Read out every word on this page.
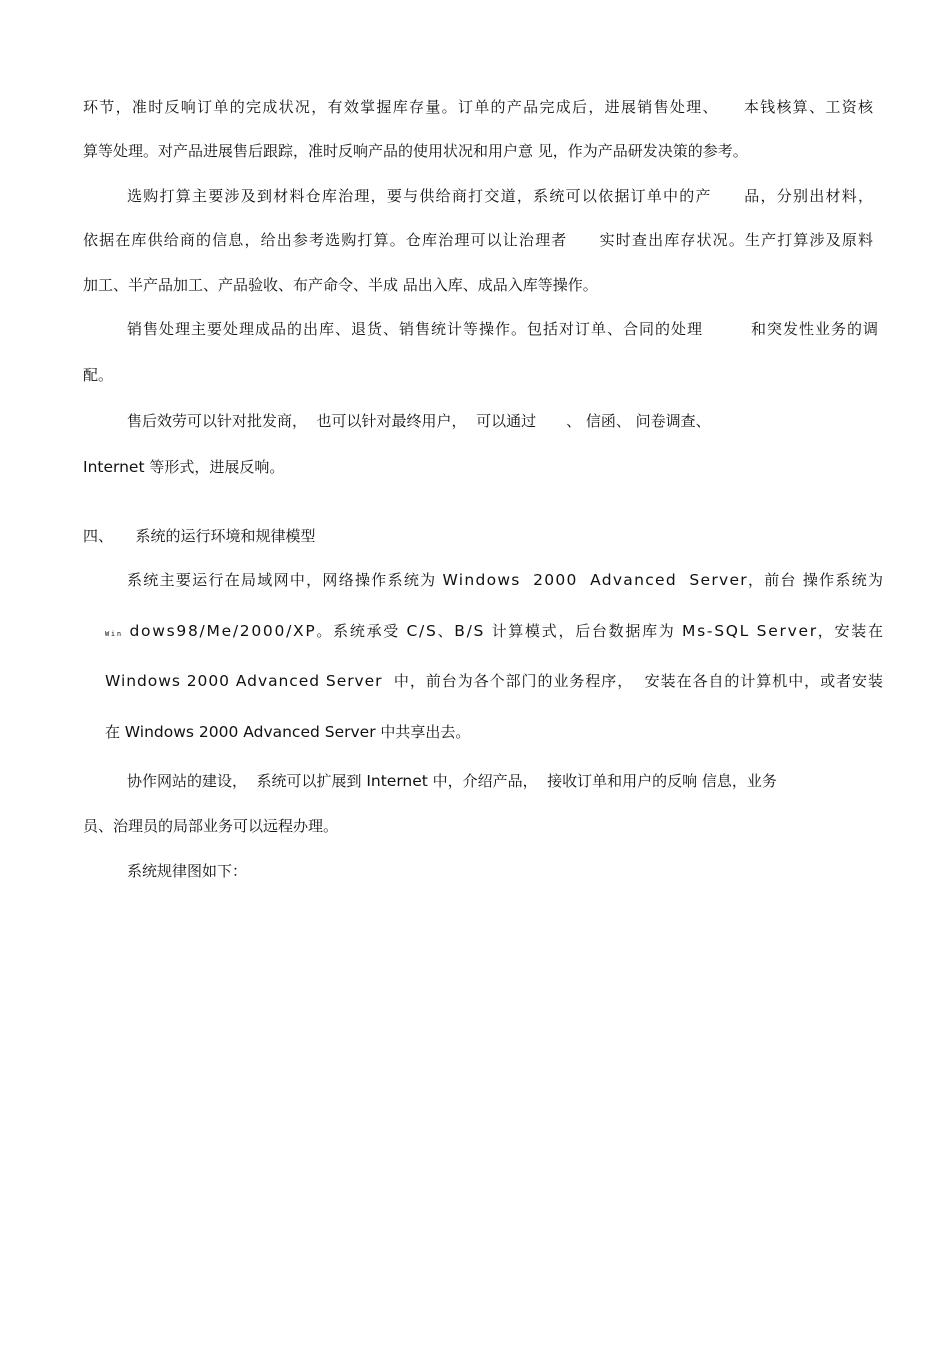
环节，准时反响订单的完成状况，有效掌握库存量。订单的产品完成后，进展销售处理、　　本钱核算、工资核
算等处理。对产品进展售后跟踪，准时反响产品的使用状况和用户意 见，作为产品研发决策的参考。
选购打算主要涉及到材料仓库治理，要与供给商打交道，系统可以依据订单中的产　　品，分别出材料，
依据在库供给商的信息，给出参考选购打算。仓库治理可以让治理者　　实时查出库存状况。生产打算涉及原料
加工、半产品加工、产品验收、布产命令、半成 品出入库、成品入库等操作。
销售处理主要处理成品的出库、退货、销售统计等操作。包括对订单、合同的处理　　　和突发性业务的调
配。
售后效劳可以针对批发商，  也可以针对最终用户，  可以通过　　、 信函、 问卷调查、
Internet 等形式，进展反响。
四、　　系统的运行环境和规律模型
系统主要运行在局域网中，网络操作系统为 Windows  2000  Advanced  Server，前台 操作系统为
Win dows98/Me/2000/XP。系统承受 C/S、B/S 计算模式，后台数据库为 Ms-SQL Server，安装在
Windows 2000 Advanced Server  中，前台为各个部门的业务程序，  安装在各自的计算机中，或者安装
在 Windows 2000 Advanced Server 中共享出去。
协作网站的建设，  系统可以扩展到 Internet 中，介绍产品，  接收订单和用户的反响 信息，业务
员、治理员的局部业务可以远程办理。
系统规律图如下：
